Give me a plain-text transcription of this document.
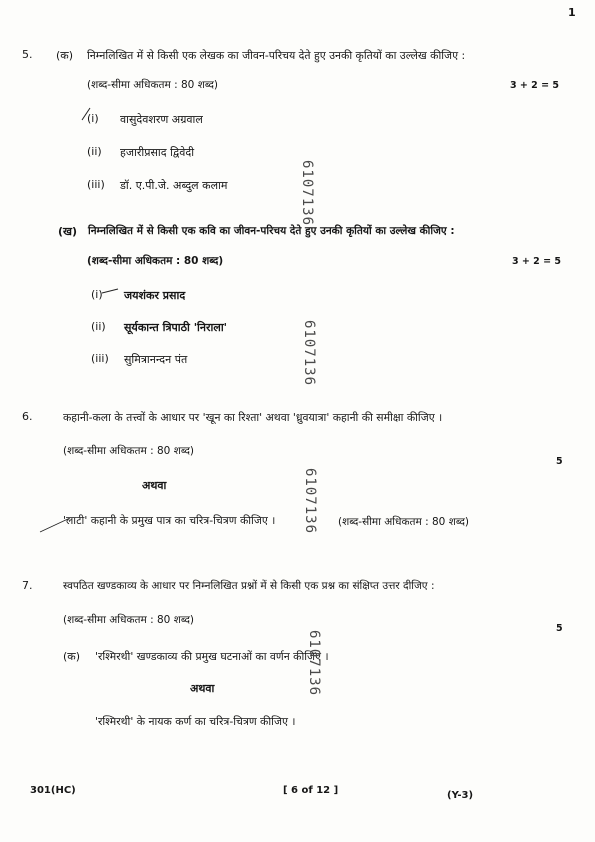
1
5. (क) निम्नलिखित में से किसी एक लेखक का जीवन-परिचय देते हुए उनकी कृतियों का उल्लेख कीजिए :
(शब्द-सीमा अधिकतम : 80 शब्द)	3 + 2 = 5
(i) वासुदेवशरण अग्रवाल
(ii) हजारीप्रसाद द्विवेदी
(iii) डॉ. ए.पी.जे. अब्दुल कलाम
(ख) निम्नलिखित में से किसी एक कवि का जीवन-परिचय देते हुए उनकी कृतियों का उल्लेख कीजिए :
(शब्द-सीमा अधिकतम : 80 शब्द)	3 + 2 = 5
(i) जयशंकर प्रसाद
(ii) सूर्यकान्त त्रिपाठी 'निराला'
(iii) सुमित्रानन्दन पंत
6.	कहानी-कला के तत्त्वों के आधार पर 'खून का रिश्ता' अथवा 'ध्रुवयात्रा' कहानी की समीक्षा कीजिए ।
(शब्द-सीमा अधिकतम : 80 शब्द)
5
अथवा
'लाटी' कहानी के प्रमुख पात्र का चरित्र-चित्रण कीजिए ।	(शब्द-सीमा अधिकतम : 80 शब्द)
7.	स्वपठित खण्डकाव्य के आधार पर निम्नलिखित प्रश्नों में से किसी एक प्रश्न का संक्षिप्त उत्तर दीजिए :
(शब्द-सीमा अधिकतम : 80 शब्द)
5
(क) 'रश्मिरथी' खण्डकाव्य की प्रमुख घटनाओं का वर्णन कीजिए ।
अथवा
'रश्मिरथी' के नायक कर्ण का चरित्र-चित्रण कीजिए ।
6107136
6107136
6107136
6107136
301(HC)	[ 6 of 12 ]	(Y-3)
